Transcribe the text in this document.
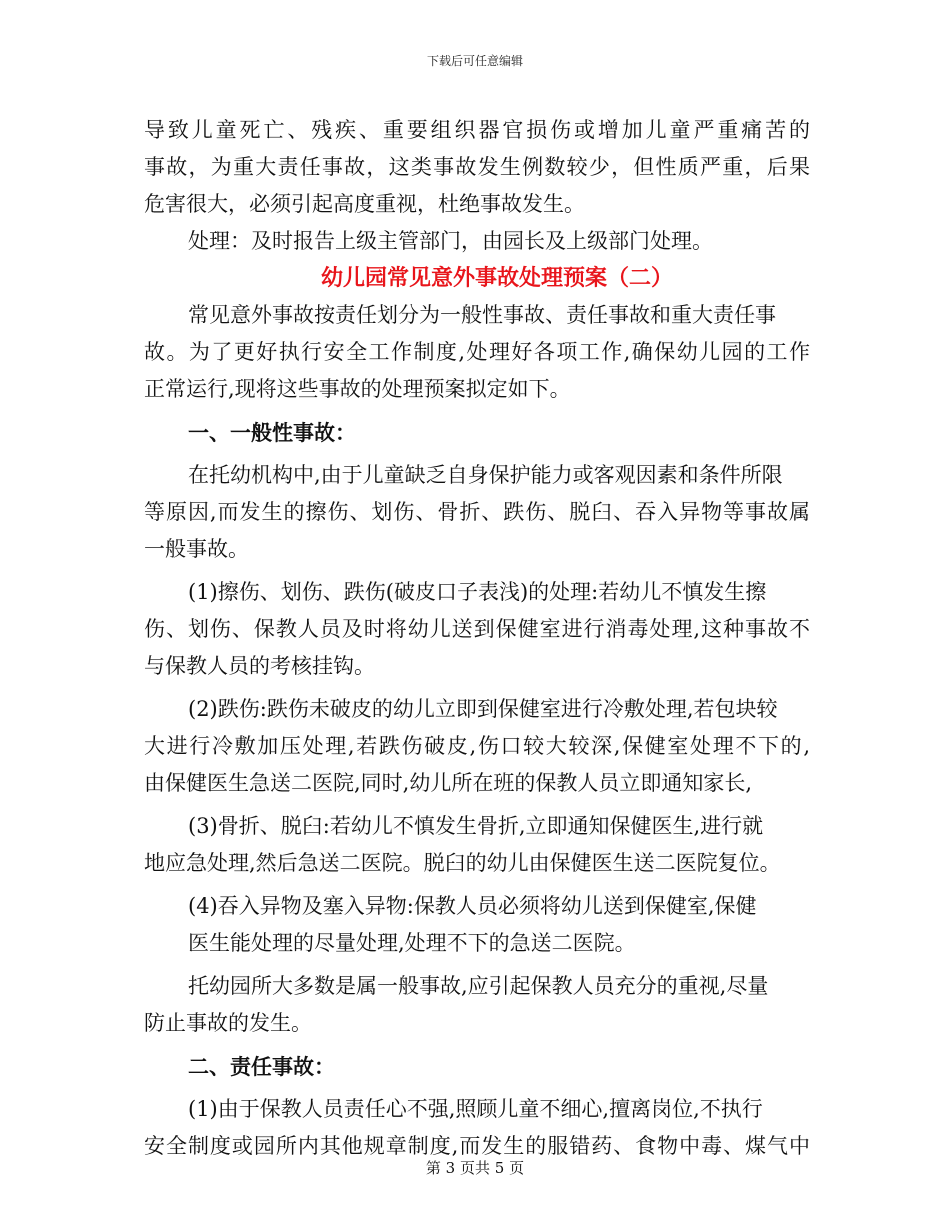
下载后可任意编辑
导致儿童死亡、残疾、重要组织器官损伤或增加儿童严重痛苦的
事故，为重大责任事故，这类事故发生例数较少，但性质严重，后果
危害很大，必须引起高度重视，杜绝事故发生。
处理：及时报告上级主管部门，由园长及上级部门处理。
幼儿园常见意外事故处理预案（二）
常见意外事故按责任划分为一般性事故、责任事故和重大责任事
故。为了更好执行安全工作制度,处理好各项工作,确保幼儿园的工作
正常运行,现将这些事故的处理预案拟定如下。
一、一般性事故：
在托幼机构中,由于儿童缺乏自身保护能力或客观因素和条件所限
等原因,而发生的擦伤、划伤、骨折、跌伤、脱臼、吞入异物等事故属
一般事故。
(1)擦伤、划伤、跌伤(破皮口子表浅)的处理:若幼儿不慎发生擦
伤、划伤、保教人员及时将幼儿送到保健室进行消毒处理,这种事故不
与保教人员的考核挂钩。
(2)跌伤:跌伤未破皮的幼儿立即到保健室进行冷敷处理,若包块较
大进行冷敷加压处理,若跌伤破皮,伤口较大较深,保健室处理不下的,
由保健医生急送二医院,同时,幼儿所在班的保教人员立即通知家长,
(3)骨折、脱臼:若幼儿不慎发生骨折,立即通知保健医生,进行就
地应急处理,然后急送二医院。脱臼的幼儿由保健医生送二医院复位。
(4)吞入异物及塞入异物:保教人员必须将幼儿送到保健室,保健
医生能处理的尽量处理,处理不下的急送二医院。
托幼园所大多数是属一般事故,应引起保教人员充分的重视,尽量
防止事故的发生。
二、责任事故：
(1)由于保教人员责任心不强,照顾儿童不细心,擅离岗位,不执行
安全制度或园所内其他规章制度,而发生的服错药、食物中毒、煤气中
第 3 页共 5 页
